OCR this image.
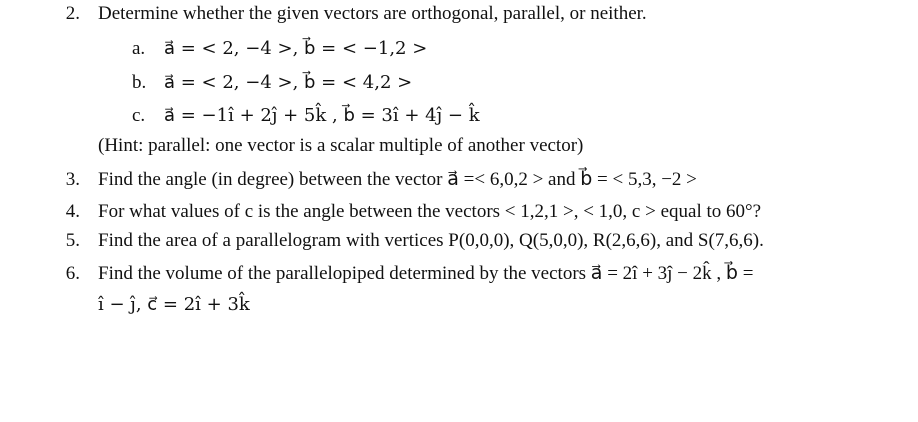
2. Determine whether the given vectors are orthogonal, parallel, or neither.
a. a⃗ = < 2, −4 >, b⃗ = < −1,2 >
b. a⃗ = < 2, −4 >, b⃗ = < 4,2 >
c. a⃗ = −1î + 2ĵ + 5k̂ , b⃗ = 3î + 4ĵ − k̂
(Hint: parallel: one vector is a scalar multiple of another vector)
3. Find the angle (in degree) between the vector a⃗ =< 6,0,2 > and b⃗ = < 5,3, −2 >
4. For what values of c is the angle between the vectors < 1,2,1 >, < 1,0, c > equal to 60°?
5. Find the area of a parallelogram with vertices P(0,0,0), Q(5,0,0), R(2,6,6), and S(7,6,6).
6. Find the volume of the parallelopiped determined by the vectors a⃗ = 2î + 3ĵ − 2k̂ , b⃗ =
î − ĵ, c⃗ = 2î + 3k̂
